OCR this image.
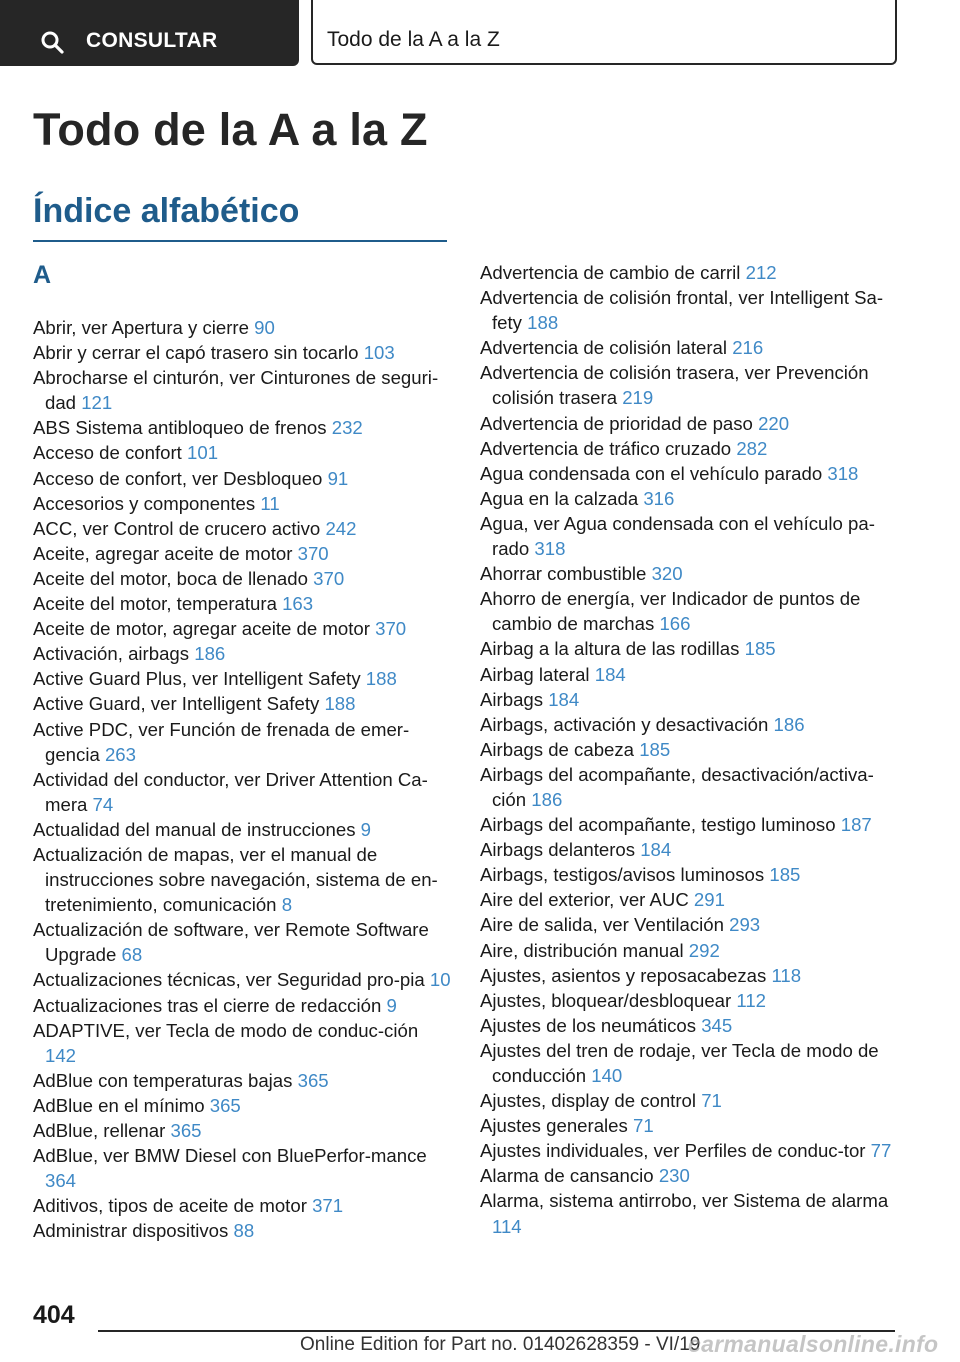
CONSULTAR	Todo de la A a la Z
Todo de la A a la Z
Índice alfabético
A
Abrir, ver Apertura y cierre 90
Abrir y cerrar el capó trasero sin tocarlo 103
Abrocharse el cinturón, ver Cinturones de seguri-dad 121
ABS Sistema antibloqueo de frenos 232
Acceso de confort 101
Acceso de confort, ver Desbloqueo 91
Accesorios y componentes 11
ACC, ver Control de crucero activo 242
Aceite, agregar aceite de motor 370
Aceite del motor, boca de llenado 370
Aceite del motor, temperatura 163
Aceite de motor, agregar aceite de motor 370
Activación, airbags 186
Active Guard Plus, ver Intelligent Safety 188
Active Guard, ver Intelligent Safety 188
Active PDC, ver Función de frenada de emer-gencia 263
Actividad del conductor, ver Driver Attention Ca-mera 74
Actualidad del manual de instrucciones 9
Actualización de mapas, ver el manual de instrucciones sobre navegación, sistema de en-tretenimiento, comunicación 8
Actualización de software, ver Remote Software Upgrade 68
Actualizaciones técnicas, ver Seguridad pro-pia 10
Actualizaciones tras el cierre de redacción 9
ADAPTIVE, ver Tecla de modo de conduc-ción 142
AdBlue con temperaturas bajas 365
AdBlue en el mínimo 365
AdBlue, rellenar 365
AdBlue, ver BMW Diesel con BluePerfor-mance 364
Aditivos, tipos de aceite de motor 371
Administrar dispositivos 88
Advertencia de cambio de carril 212
Advertencia de colisión frontal, ver Intelligent Sa-fety 188
Advertencia de colisión lateral 216
Advertencia de colisión trasera, ver Prevención colisión trasera 219
Advertencia de prioridad de paso 220
Advertencia de tráfico cruzado 282
Agua condensada con el vehículo parado 318
Agua en la calzada 316
Agua, ver Agua condensada con el vehículo pa-rado 318
Ahorrar combustible 320
Ahorro de energía, ver Indicador de puntos de cambio de marchas 166
Airbag a la altura de las rodillas 185
Airbag lateral 184
Airbags 184
Airbags, activación y desactivación 186
Airbags de cabeza 185
Airbags del acompañante, desactivación/activa-ción 186
Airbags del acompañante, testigo luminoso 187
Airbags delanteros 184
Airbags, testigos/avisos luminosos 185
Aire del exterior, ver AUC 291
Aire de salida, ver Ventilación 293
Aire, distribución manual 292
Ajustes, asientos y reposacabezas 118
Ajustes, bloquear/desbloquear 112
Ajustes de los neumáticos 345
Ajustes del tren de rodaje, ver Tecla de modo de conducción 140
Ajustes, display de control 71
Ajustes generales 71
Ajustes individuales, ver Perfiles de conduc-tor 77
Alarma de cansancio 230
Alarma, sistema antirrobo, ver Sistema de alarma 114
404
Online Edition for Part no. 01402628359 - VI/19
carmanualsonline.info
